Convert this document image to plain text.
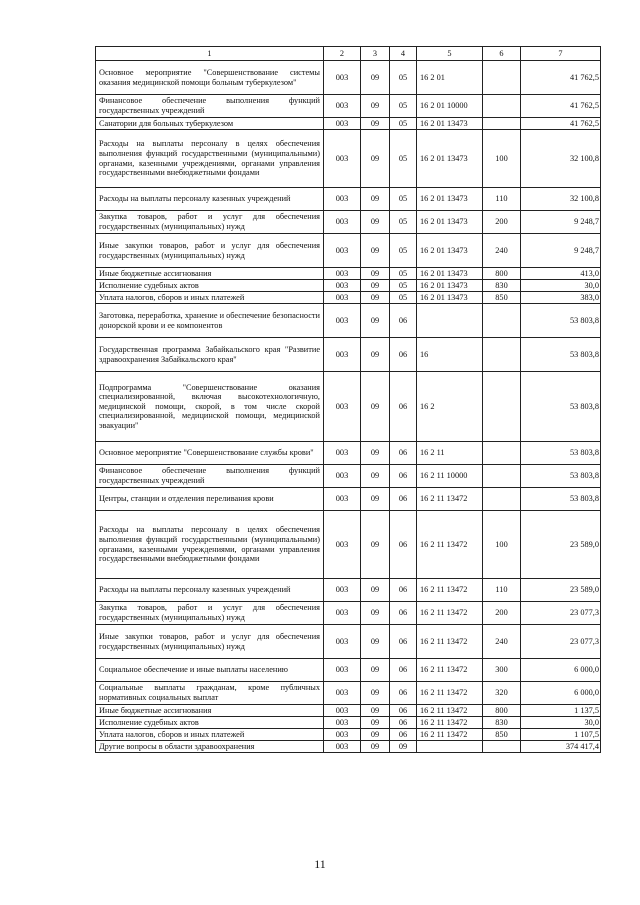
1	2	3	4	5	6	7
Основное мероприятие "Совершенствование системы оказания медицинской помощи больным туберкулезом"	003	09	05	16 2 01		41 762,5
Финансовое обеспечение выполнения функций государственных учреждений	003	09	05	16 2 01 10000		41 762,5
Санатории для больных туберкулезом	003	09	05	16 2 01 13473		41 762,5
Расходы на выплаты персоналу в целях обеспечения выполнения функций государственными (муниципальными) органами, казенными учреждениями, органами управления государственными внебюджетными фондами	003	09	05	16 2 01 13473	100	32 100,8
Расходы на выплаты персоналу казенных учреждений	003	09	05	16 2 01 13473	110	32 100,8
Закупка товаров, работ и услуг для обеспечения государственных (муниципальных) нужд	003	09	05	16 2 01 13473	200	9 248,7
Иные закупки товаров, работ и услуг для обеспечения государственных (муниципальных) нужд	003	09	05	16 2 01 13473	240	9 248,7
Иные бюджетные ассигнования	003	09	05	16 2 01 13473	800	413,0
Исполнение судебных актов	003	09	05	16 2 01 13473	830	30,0
Уплата налогов, сборов и иных платежей	003	09	05	16 2 01 13473	850	383,0
Заготовка, переработка, хранение и обеспечение безопасности донорской крови и ее компонентов	003	09	06			53 803,8
Государственная программа Забайкальского края "Развитие здравоохранения Забайкальского края"	003	09	06	16		53 803,8
Подпрограмма "Совершенствование оказания специализированной, включая высокотехнологичную, медицинской помощи, скорой, в том числе скорой специализированной, медицинской помощи, медицинской эвакуации"	003	09	06	16 2		53 803,8
Основное мероприятие "Совершенствование службы крови"	003	09	06	16 2 11		53 803,8
Финансовое обеспечение выполнения функций государственных учреждений	003	09	06	16 2 11 10000		53 803,8
Центры, станции и отделения переливания крови	003	09	06	16 2 11 13472		53 803,8
Расходы на выплаты персоналу в целях обеспечения выполнения функций государственными (муниципальными) органами, казенными учреждениями, органами управления государственными внебюджетными фондами	003	09	06	16 2 11 13472	100	23 589,0
Расходы на выплаты персоналу казенных учреждений	003	09	06	16 2 11 13472	110	23 589,0
Закупка товаров, работ и услуг для обеспечения государственных (муниципальных) нужд	003	09	06	16 2 11 13472	200	23 077,3
Иные закупки товаров, работ и услуг для обеспечения государственных (муниципальных) нужд	003	09	06	16 2 11 13472	240	23 077,3
Социальное обеспечение и иные выплаты населению	003	09	06	16 2 11 13472	300	6 000,0
Социальные выплаты гражданам, кроме публичных нормативных социальных выплат	003	09	06	16 2 11 13472	320	6 000,0
Иные бюджетные ассигнования	003	09	06	16 2 11 13472	800	1 137,5
Исполнение судебных актов	003	09	06	16 2 11 13472	830	30,0
Уплата налогов, сборов и иных платежей	003	09	06	16 2 11 13472	850	1 107,5
Другие вопросы в области здравоохранения	003	09	09			374 417,4
11
